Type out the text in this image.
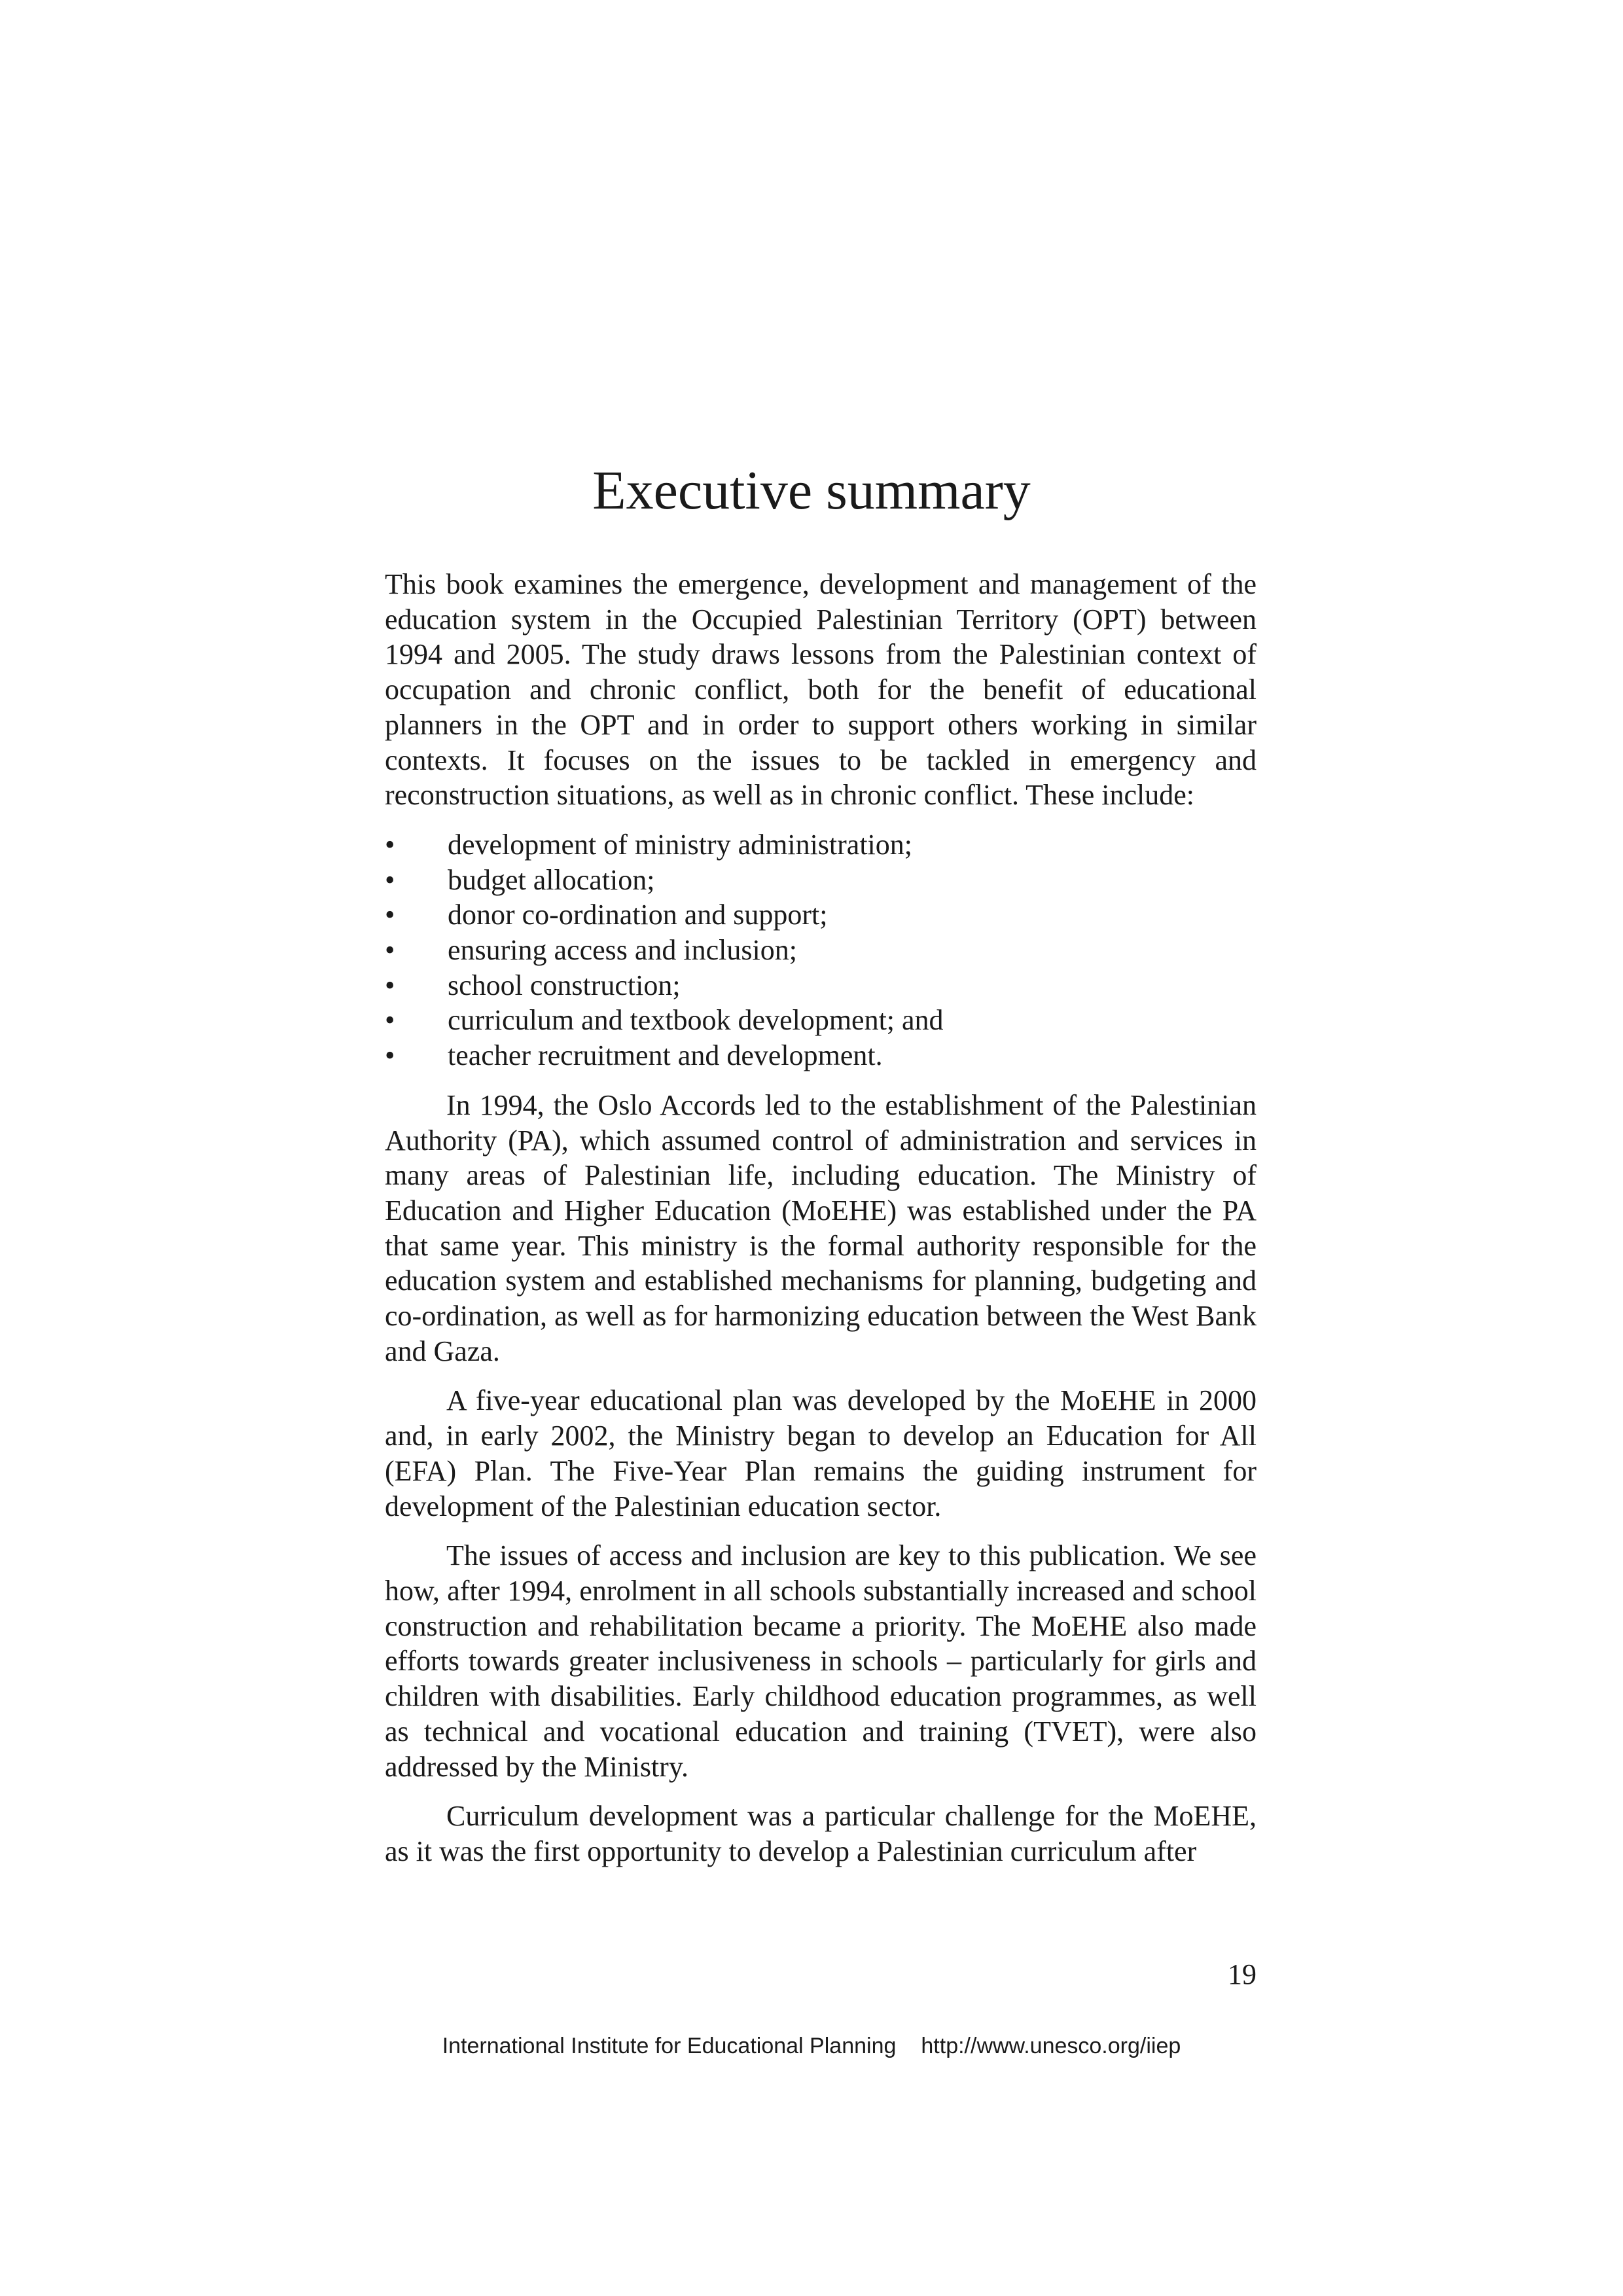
Executive summary

This book examines the emergence, development and management of the education system in the Occupied Palestinian Territory (OPT) between 1994 and 2005. The study draws lessons from the Palestinian context of occupation and chronic conflict, both for the benefit of educational planners in the OPT and in order to support others working in similar contexts. It focuses on the issues to be tackled in emergency and reconstruction situations, as well as in chronic conflict. These include:

• development of ministry administration;
• budget allocation;
• donor co-ordination and support;
• ensuring access and inclusion;
• school construction;
• curriculum and textbook development; and
• teacher recruitment and development.

In 1994, the Oslo Accords led to the establishment of the Palestinian Authority (PA), which assumed control of administration and services in many areas of Palestinian life, including education. The Ministry of Education and Higher Education (MoEHE) was established under the PA that same year. This ministry is the formal authority responsible for the education system and established mechanisms for planning, budgeting and co-ordination, as well as for harmonizing education between the West Bank and Gaza.

A five-year educational plan was developed by the MoEHE in 2000 and, in early 2002, the Ministry began to develop an Education for All (EFA) Plan. The Five-Year Plan remains the guiding instrument for development of the Palestinian education sector.

The issues of access and inclusion are key to this publication. We see how, after 1994, enrolment in all schools substantially increased and school construction and rehabilitation became a priority. The MoEHE also made efforts towards greater inclusiveness in schools – particularly for girls and children with disabilities. Early childhood education programmes, as well as technical and vocational education and training (TVET), were also addressed by the Ministry.

Curriculum development was a particular challenge for the MoEHE, as it was the first opportunity to develop a Palestinian curriculum after

19
International Institute for Educational Planning http://www.unesco.org/iiep
